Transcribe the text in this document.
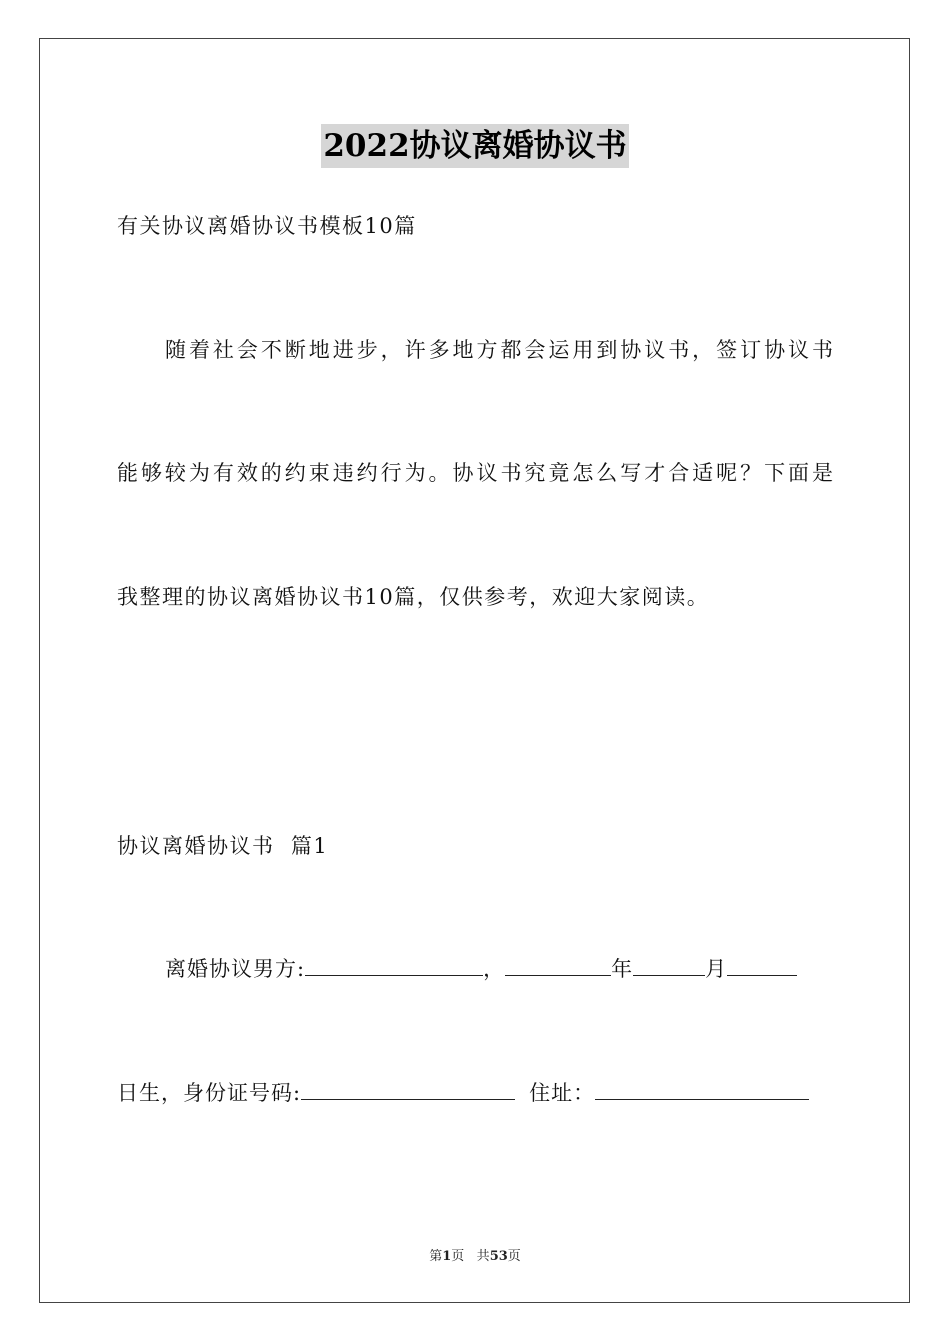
2022协议离婚协议书
有关协议离婚协议书模板10篇
随着社会不断地进步，许多地方都会运用到协议书，签订协议书
能够较为有效的约束违约行为。协议书究竟怎么写才合适呢？下面是
我整理的协议离婚协议书10篇，仅供参考，欢迎大家阅读。
协议离婚协议书  篇1
离婚协议男方:	，	年	月
日生，身份证号码:	住址：
第1页 共53页
